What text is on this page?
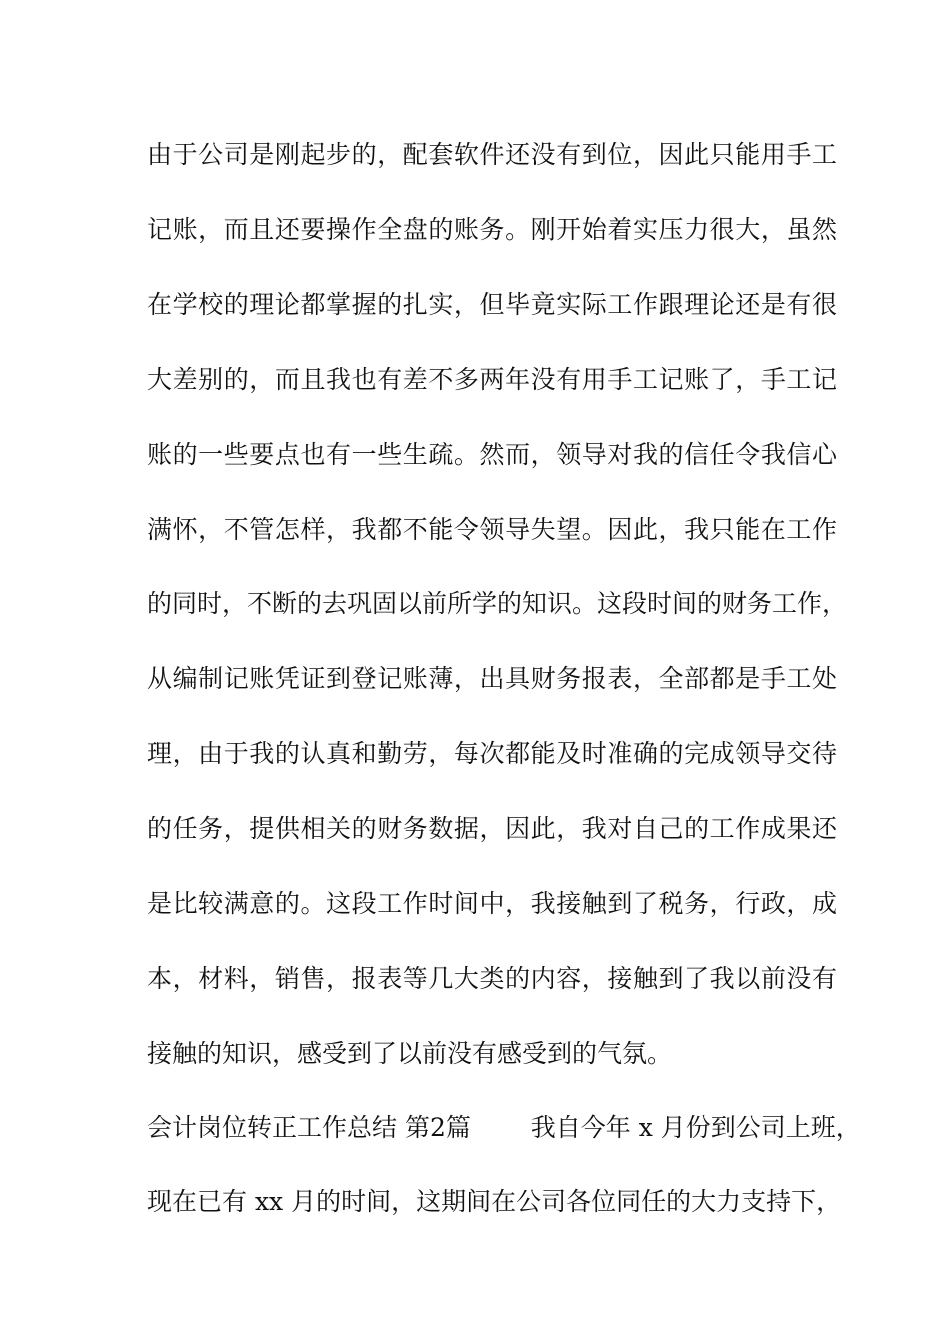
由于公司是刚起步的，配套软件还没有到位，因此只能用手工
记账，而且还要操作全盘的账务。刚开始着实压力很大，虽然
在学校的理论都掌握的扎实，但毕竟实际工作跟理论还是有很
大差别的，而且我也有差不多两年没有用手工记账了，手工记
账的一些要点也有一些生疏。然而，领导对我的信任令我信心
满怀，不管怎样，我都不能令领导失望。因此，我只能在工作
的同时，不断的去巩固以前所学的知识。这段时间的财务工作，
从编制记账凭证到登记账薄，出具财务报表，全部都是手工处
理，由于我的认真和勤劳，每次都能及时准确的完成领导交待
的任务，提供相关的财务数据，因此，我对自己的工作成果还
是比较满意的。这段工作时间中，我接触到了税务，行政，成
本，材料，销售，报表等几大类的内容，接触到了我以前没有
接触的知识，感受到了以前没有感受到的气氛。
会计岗位转正工作总结 第2篇 我自今年 x 月份到公司上班，
现在已有 xx 月的时间，这期间在公司各位同任的大力支持下，
